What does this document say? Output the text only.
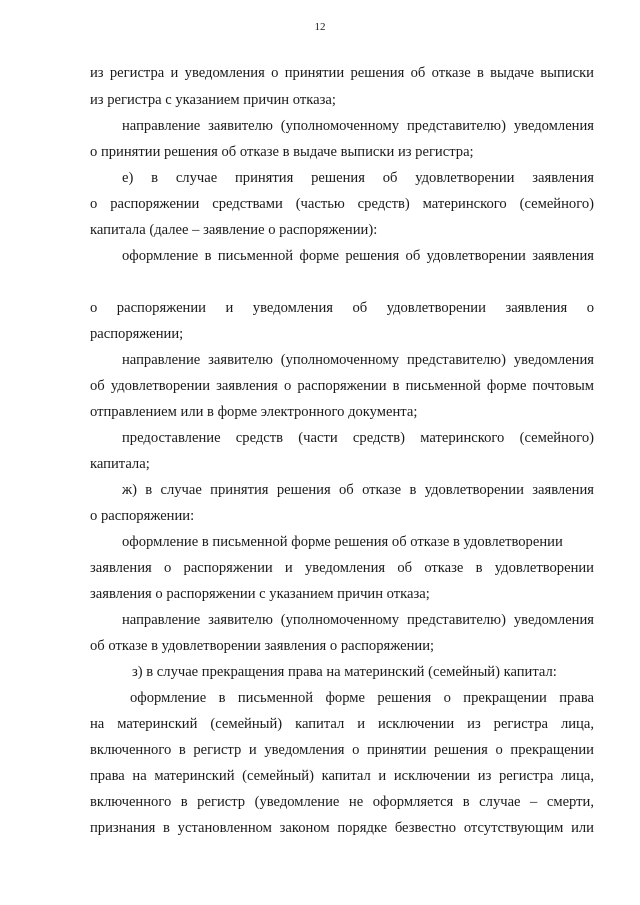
12
из регистра и уведомления о принятии решения об отказе в выдаче выписки
из регистра с указанием причин отказа;
направление заявителю (уполномоченному представителю) уведомления
о принятии решения об отказе в выдаче выписки из регистра;
е) в случае принятия решения об удовлетворении заявления
о распоряжении средствами (частью средств) материнского (семейного)
капитала (далее – заявление о распоряжении):
оформление в письменной форме решения об удовлетворении заявления
о распоряжении и уведомления об удовлетворении заявления о
распоряжении;
направление заявителю (уполномоченному представителю) уведомления
об удовлетворении заявления о распоряжении в письменной форме почтовым
отправлением или в форме электронного документа;
предоставление средств (части средств) материнского (семейного)
капитала;
ж) в случае принятия решения об отказе в удовлетворении заявления
о распоряжении:
оформление в письменной форме решения об отказе в удовлетворении
заявления о распоряжении и уведомления об отказе в удовлетворении
заявления о распоряжении с указанием причин отказа;
направление заявителю (уполномоченному представителю) уведомления
об отказе в удовлетворении заявления о распоряжении;
з) в случае прекращения права на материнский (семейный) капитал:
оформление в письменной форме решения о прекращении права
на материнский (семейный) капитал и исключении из регистра лица,
включенного в регистр и уведомления о принятии решения о прекращении
права на материнский (семейный) капитал и исключении из регистра лица,
включенного в регистр (уведомление не оформляется в случае – смерти,
признания в установленном законом порядке безвестно отсутствующим или
